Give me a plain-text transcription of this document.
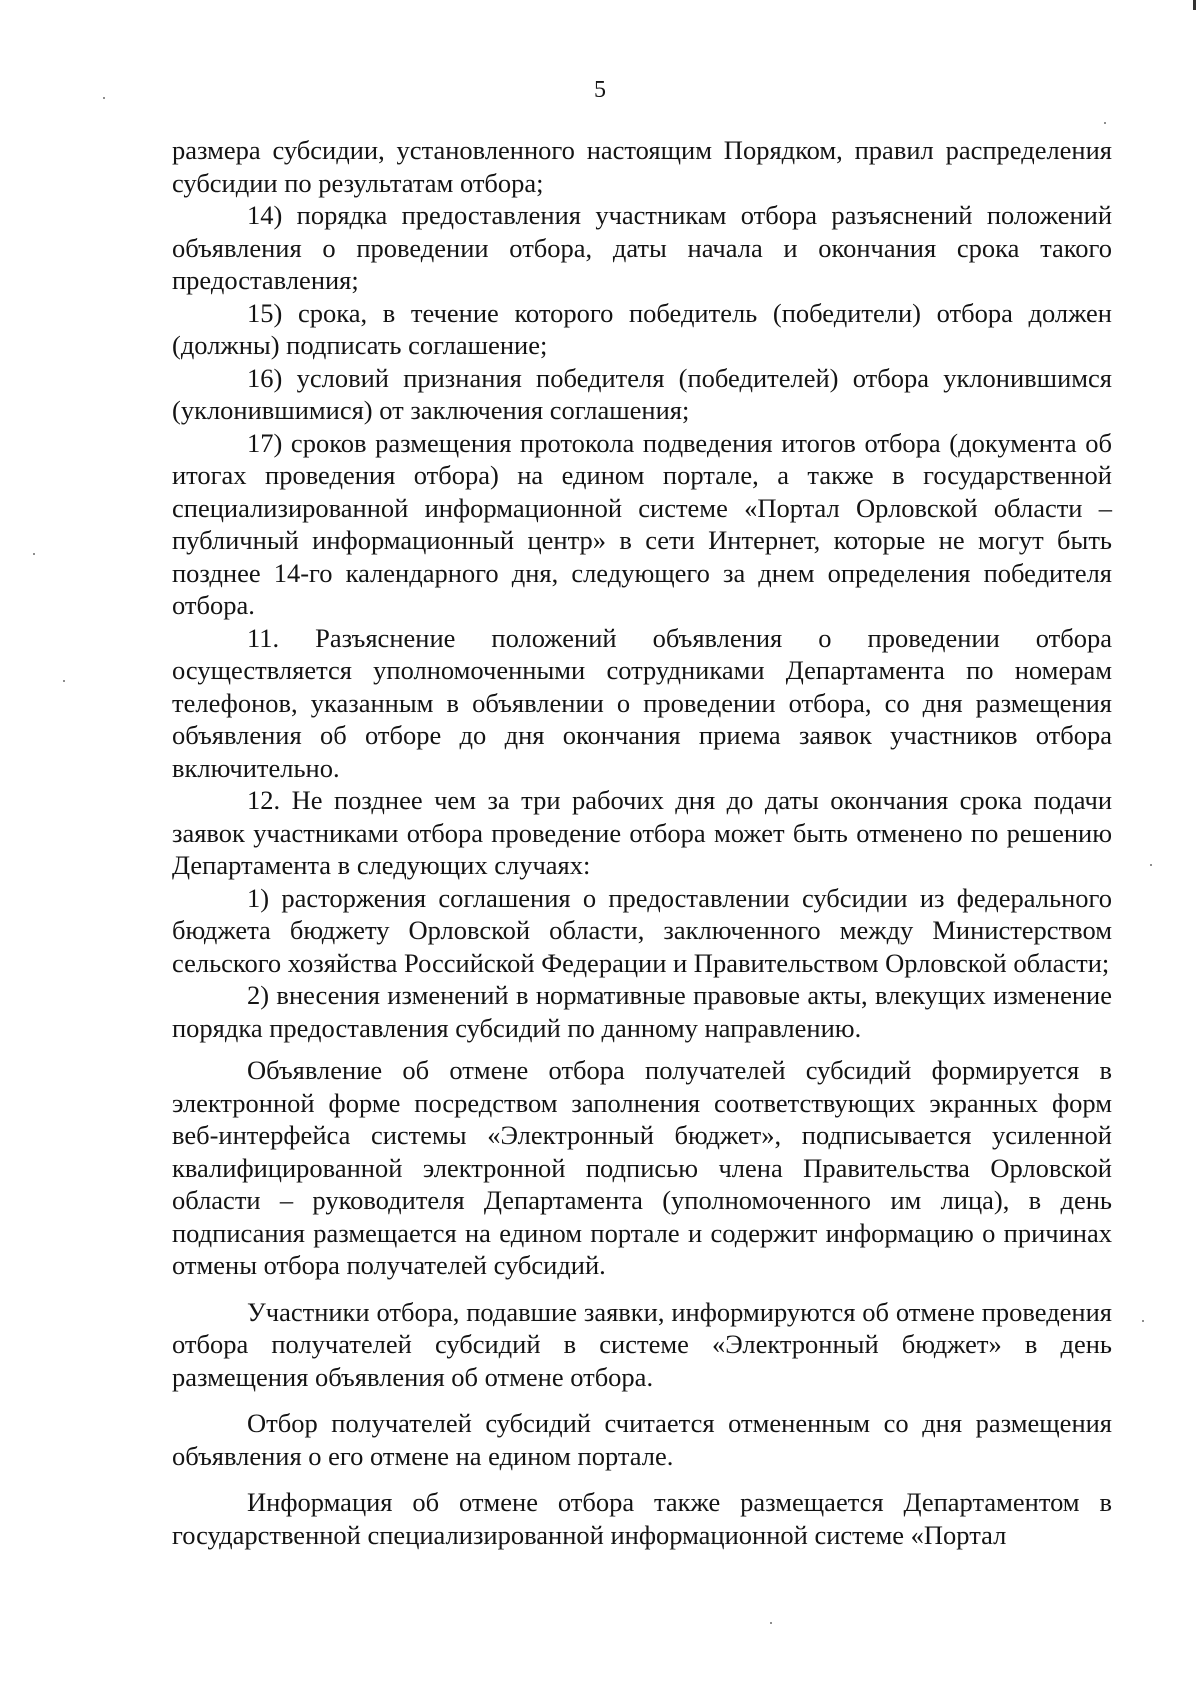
5

размера субсидии, установленного настоящим Порядком, правил распределения субсидии по результатам отбора;

14) порядка предоставления участникам отбора разъяснений положений объявления о проведении отбора, даты начала и окончания срока такого предоставления;

15) срока, в течение которого победитель (победители) отбора должен (должны) подписать соглашение;

16) условий признания победителя (победителей) отбора уклонившимся (уклонившимися) от заключения соглашения;

17) сроков размещения протокола подведения итогов отбора (документа об итогах проведения отбора) на едином портале, а также в государственной специализированной информационной системе «Портал Орловской области – публичный информационный центр» в сети Интернет, которые не могут быть позднее 14-го календарного дня, следующего за днем определения победителя отбора.

11. Разъяснение положений объявления о проведении отбора осуществляется уполномоченными сотрудниками Департамента по номерам телефонов, указанным в объявлении о проведении отбора, со дня размещения объявления об отборе до дня окончания приема заявок участников отбора включительно.

12. Не позднее чем за три рабочих дня до даты окончания срока подачи заявок участниками отбора проведение отбора может быть отменено по решению Департамента в следующих случаях:

1) расторжения соглашения о предоставлении субсидии из федерального бюджета бюджету Орловской области, заключенного между Министерством сельского хозяйства Российской Федерации и Правительством Орловской области;

2) внесения изменений в нормативные правовые акты, влекущих изменение порядка предоставления субсидий по данному направлению.

Объявление об отмене отбора получателей субсидий формируется в электронной форме посредством заполнения соответствующих экранных форм веб-интерфейса системы «Электронный бюджет», подписывается усиленной квалифицированной электронной подписью члена Правительства Орловской области – руководителя Департамента (уполномоченного им лица), в день подписания размещается на едином портале и содержит информацию о причинах отмены отбора получателей субсидий.

Участники отбора, подавшие заявки, информируются об отмене проведения отбора получателей субсидий в системе «Электронный бюджет» в день размещения объявления об отмене отбора.

Отбор получателей субсидий считается отмененным со дня размещения объявления о его отмене на едином портале.

Информация об отмене отбора также размещается Департаментом в государственной специализированной информационной системе «Портал
